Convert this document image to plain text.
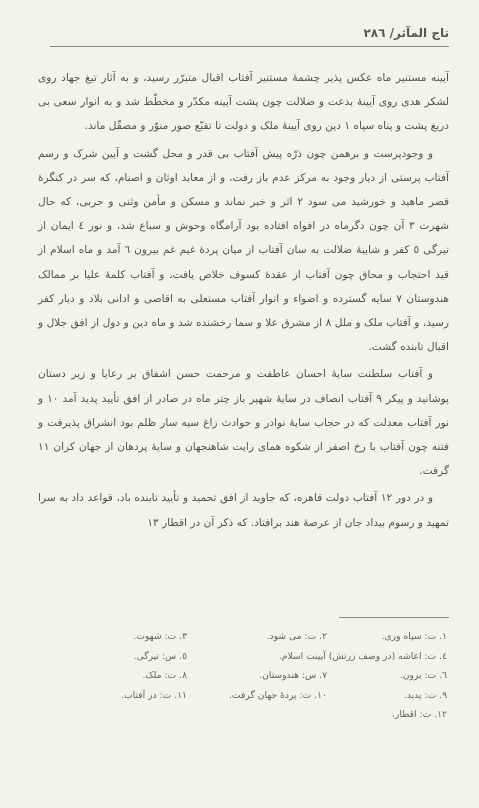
تاج المآثر/ ٢٨٦

آیینه مستنیر ماه عکس پذیر چشمهٔ مستنیر آفتاب اقبال متبرّر رسید، و به آثار تیغ جهاد روی لشکر هدی روی آیینهٔ بدعت و ضلالت چون پشت آیینه مکدّر و مخطّط شد و به انوار سعی بی دریغ پشت و پناه سپاه ١ دین روی آیینهٔ ملک و دولت تا تقبّع صور منوّر و مصقّل ماند.

و وجودپرست و برهمن چون ذرّه پیش آفتاب بی قدر و محل گشت و آیین شرک و رسم آفتاب پرستی از دیار وجود به مرکز عدم باز رفت، و از معابد اوثان و اصنام، که سر در کنگرهٔ قصر ماهید و خورشید می سود ٢ اثر و خبر نماند و مسکن و مأمن وثنی و حربی، که حال شهرت ٣ آن چون دگرماه در افواه افتاده بود آرامگاه وحوش و سباع شد، و نور ٤ ایمان از تیرگی ٥ کفر و شایبهٔ ضلالت به سان آفتاب از میان پردهٔ غیم غم بیرون ٦ آمد و ماه اسلام از قید احتجاب و محاق چون آفتاب از عقدهٔ کسوف خلاص یافت، و آفتاب کلمهٔ علیا بر ممالک هندوستان ٧ سایه گسترده و اضواء و انوار آفتاب مستعلی به اقاصی و ادانی بلاد و دیار کفر رسید، و آفتاب ملک و ملل ٨ از مشرق علا و سما رخشنده شد و ماه دین و دول از افق جلال و اقبال تابنده گشت.

و آفتاب سلطنت سایهٔ احسان عاطفت و مرحمت حسن اشفاق بر رعایا و زیر دستان پوشانید و پیکر ٩ آفتاب انصاف در سایهٔ شهپر باز چتر ماه در صادر از افق تأیید پدید آمد ١٠ و نور آفتاب معدلت که در حجاب سایهٔ نوادر و حوادث زاغ سیه سار ظلم بود انشراق پذیرفت و فتنه چون آفتاب با رخ اصفر از شکوه همای رایت شاهنجهان و سایهٔ پردهان از جهان کران ١١ گرفت.

و در دور ١٢ آفتاب دولت قاهره، که جاوید از افق تحمید و تأیید تابنده باد، قواعد داد به سرا تمهید و رسوم بیداد جان از عرصهٔ هند برافتاد. که ذکر آن در اقطار ١٣

١. ت: سپاه وری.
٢. ت: می شود.
٣. ت: شهوت.
٤. ت: اعاشه (در وصف زرتش) آیینت اسلام.
٥. س: تیرگی.
٦. ت: برون.
٧. س: هندوستان.
٨. ت: ملک.
٩. ت: پدید.
١٠. ت: پردهٔ جهان گرفت.
١١. ت: در آفتاب.
١٢. ت: اقطار.
